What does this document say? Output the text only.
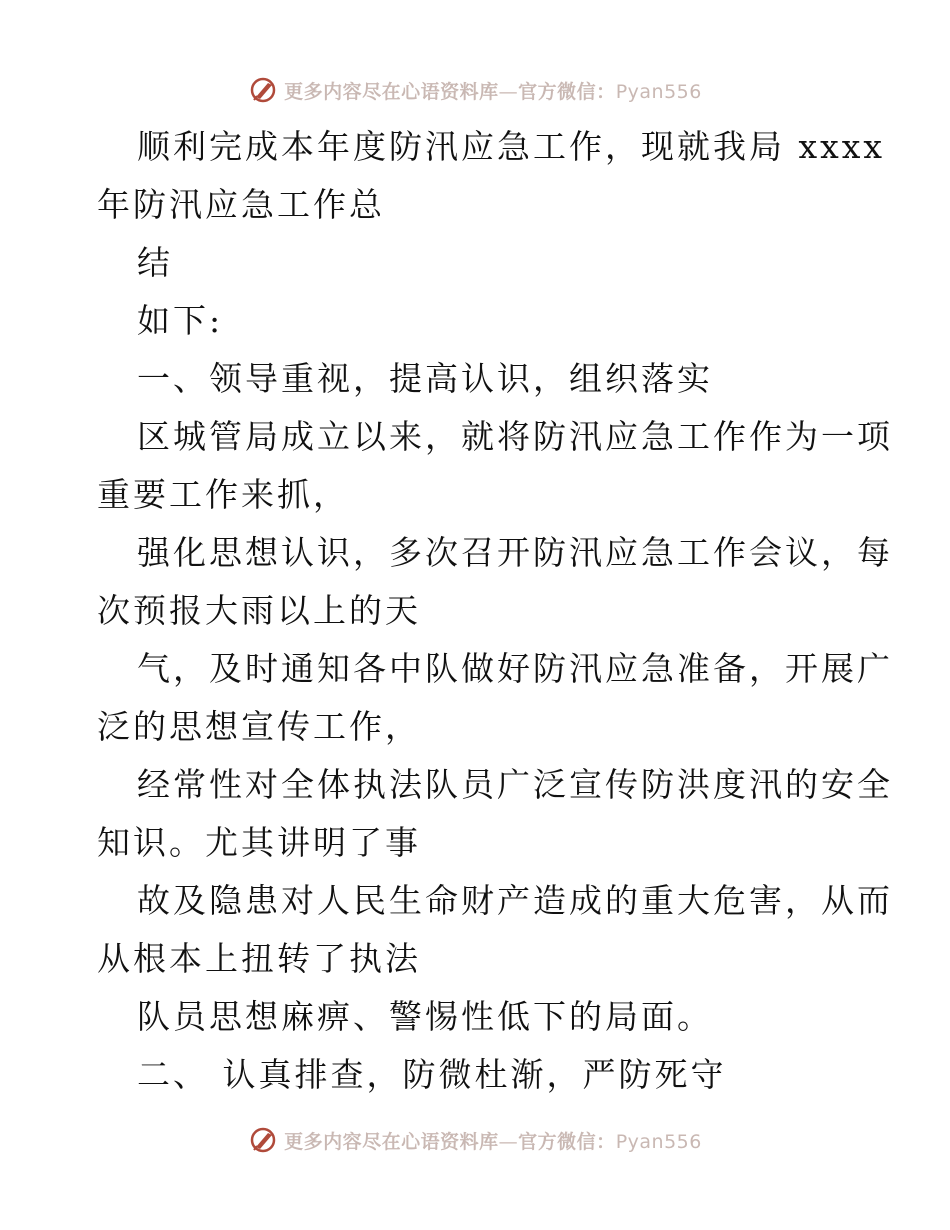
更多内容尽在心语资料库—官方微信：Pyan556
顺利完成本年度防汛应急工作，现就我局 xxxx
年防汛应急工作总
结
如下:
一、领导重视，提高认识，组织落实
区城管局成立以来，就将防汛应急工作作为一项
重要工作来抓，
强化思想认识，多次召开防汛应急工作会议，每
次预报大雨以上的天
气，及时通知各中队做好防汛应急准备，开展广
泛的思想宣传工作，
经常性对全体执法队员广泛宣传防洪度汛的安全
知识。尤其讲明了事
故及隐患对人民生命财产造成的重大危害，从而
从根本上扭转了执法
队员思想麻痹、警惕性低下的局面。
二、 认真排查，防微杜渐，严防死守
更多内容尽在心语资料库—官方微信：Pyan556
